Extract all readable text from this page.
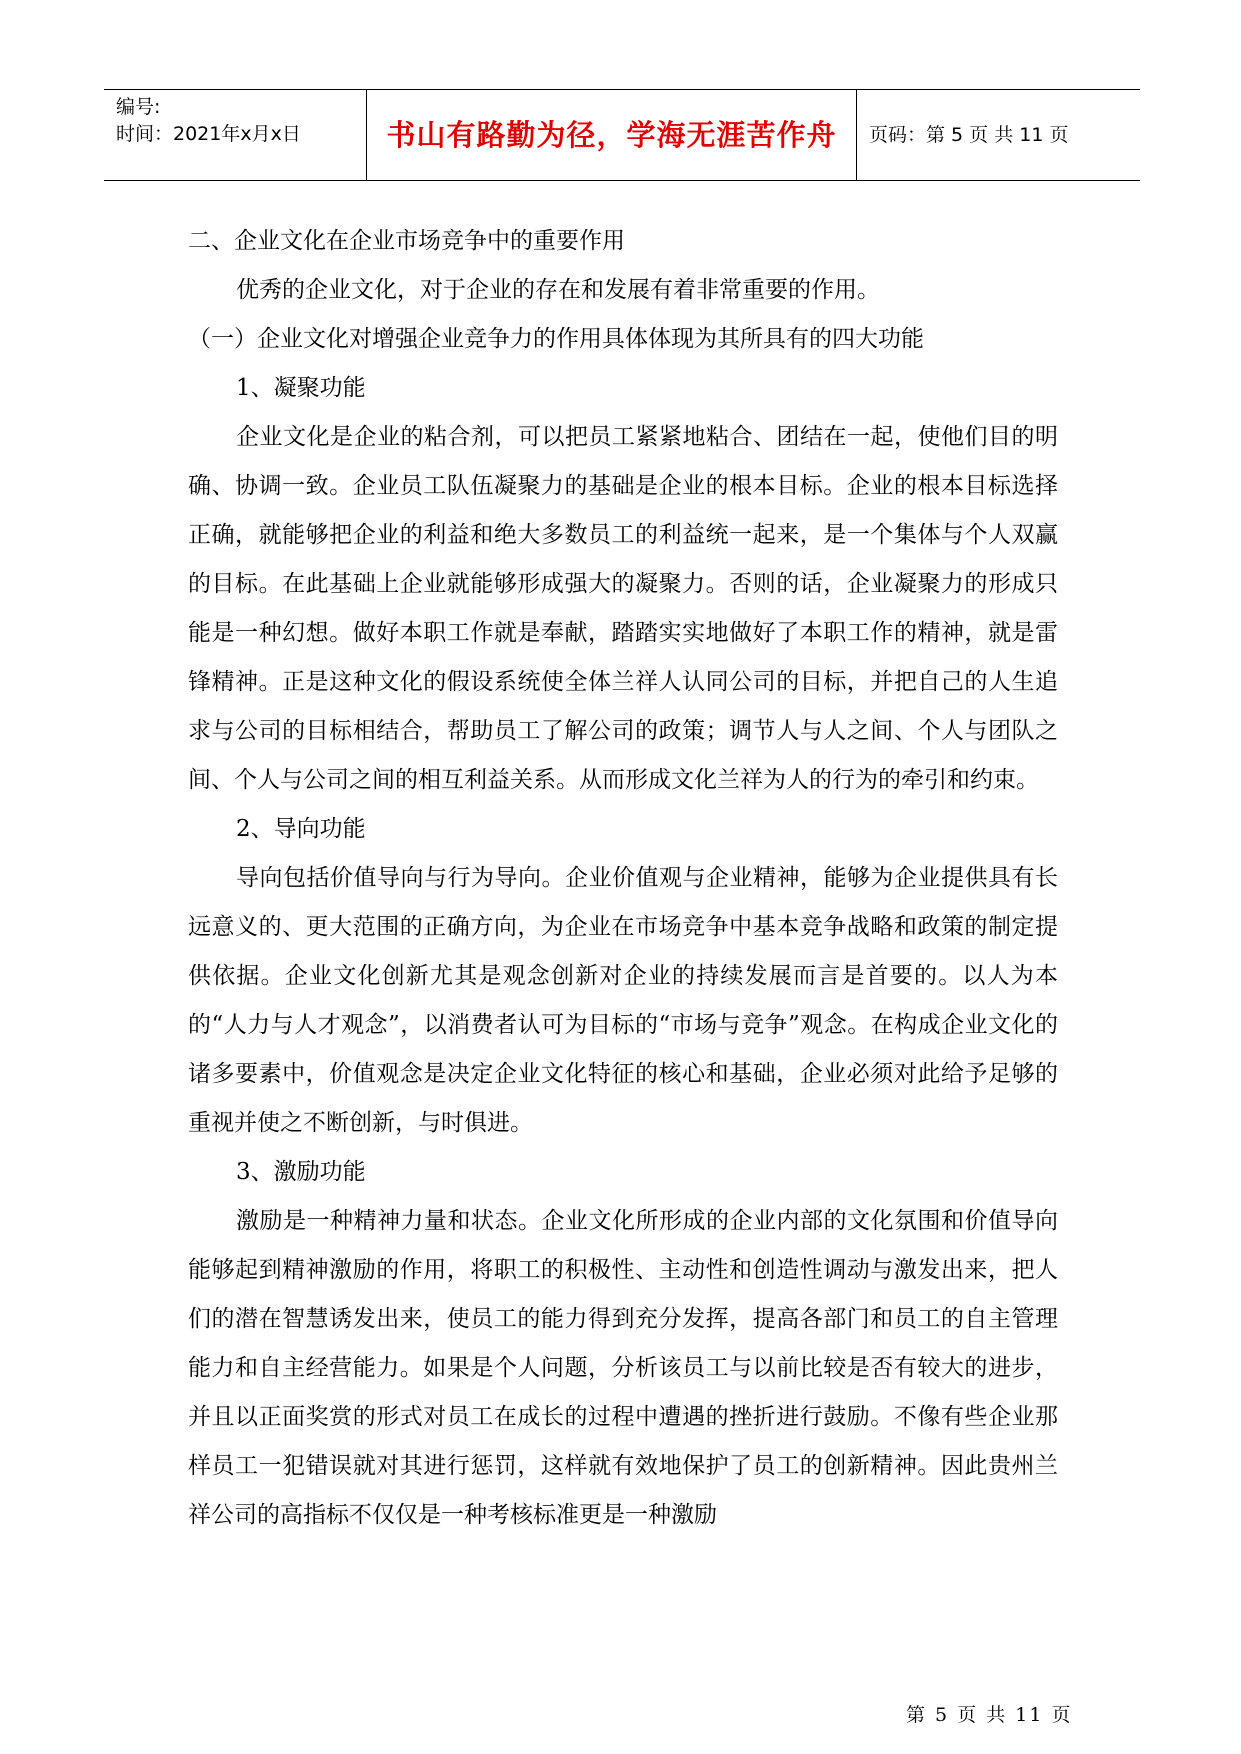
编号:
时间：2021年x月x日	书山有路勤为径，学海无涯苦作舟	页码：第 5 页 共 11 页

二、企业文化在企业市场竞争中的重要作用

优秀的企业文化，对于企业的存在和发展有着非常重要的作用。

（一）企业文化对增强企业竞争力的作用具体体现为其所具有的四大功能

1、凝聚功能

企业文化是企业的粘合剂，可以把员工紧紧地粘合、团结在一起，使他们目的明确、协调一致。企业员工队伍凝聚力的基础是企业的根本目标。企业的根本目标选择正确，就能够把企业的利益和绝大多数员工的利益统一起来，是一个集体与个人双赢的目标。在此基础上企业就能够形成强大的凝聚力。否则的话，企业凝聚力的形成只能是一种幻想。做好本职工作就是奉献，踏踏实实地做好了本职工作的精神，就是雷锋精神。正是这种文化的假设系统使全体兰祥人认同公司的目标，并把自己的人生追求与公司的目标相结合，帮助员工了解公司的政策；调节人与人之间、个人与团队之间、个人与公司之间的相互利益关系。从而形成文化兰祥为人的行为的牵引和约束。

2、导向功能

导向包括价值导向与行为导向。企业价值观与企业精神，能够为企业提供具有长远意义的、更大范围的正确方向，为企业在市场竞争中基本竞争战略和政策的制定提供依据。企业文化创新尤其是观念创新对企业的持续发展而言是首要的。以人为本的“人力与人才观念”，以消费者认可为目标的“市场与竞争”观念。在构成企业文化的诸多要素中，价值观念是决定企业文化特征的核心和基础，企业必须对此给予足够的重视并使之不断创新，与时俱进。

3、激励功能

激励是一种精神力量和状态。企业文化所形成的企业内部的文化氛围和价值导向能够起到精神激励的作用，将职工的积极性、主动性和创造性调动与激发出来，把人们的潜在智慧诱发出来，使员工的能力得到充分发挥，提高各部门和员工的自主管理能力和自主经营能力。如果是个人问题，分析该员工与以前比较是否有较大的进步，并且以正面奖赏的形式对员工在成长的过程中遭遇的挫折进行鼓励。不像有些企业那样员工一犯错误就对其进行惩罚，这样就有效地保护了员工的创新精神。因此贵州兰祥公司的高指标不仅仅是一种考核标准更是一种激励

第 5 页 共 11 页
